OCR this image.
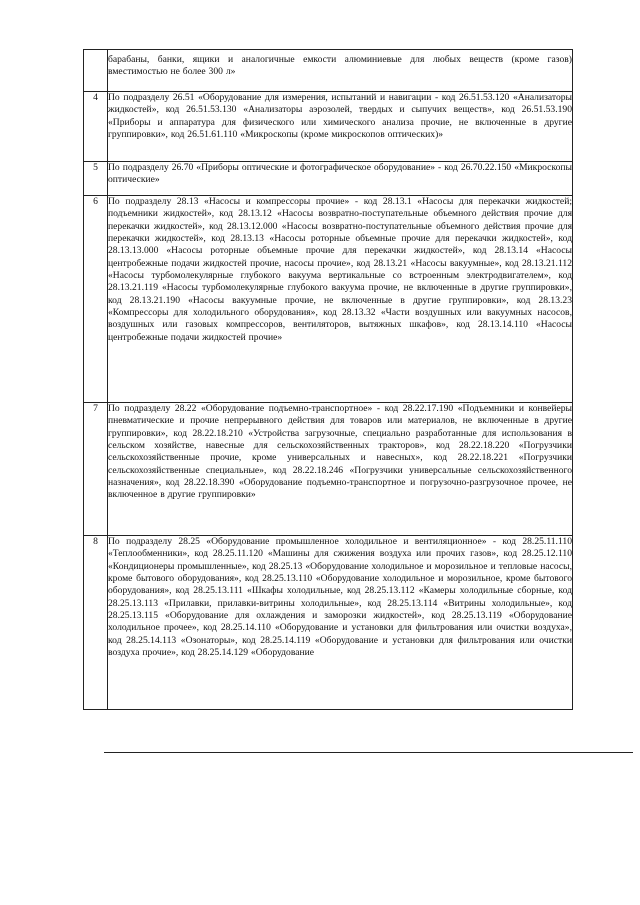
	барабаны, банки, ящики и аналогичные емкости алюминиевые для любых веществ (кроме газов) вместимостью не более 300 л»
4	По подразделу 26.51 «Оборудование для измерения, испытаний и навигации - код 26.51.53.120 «Анализаторы жидкостей», код 26.51.53.130 «Анализаторы аэрозолей, твердых и сыпучих веществ», код 26.51.53.190 «Приборы и аппаратура для физического или химического анализа прочие, не включенные в другие группировки», код 26.51.61.110 «Микроскопы (кроме микроскопов оптических)»
5	По подразделу 26.70 «Приборы оптические и фотографическое оборудование» - код 26.70.22.150 «Микроскопы оптические»
6	По подразделу 28.13 «Насосы и компрессоры прочие» - код 28.13.1 «Насосы для перекачки жидкостей; подъемники жидкостей», код 28.13.12 «Насосы возвратно-поступательные объемного действия прочие для перекачки жидкостей», код 28.13.12.000 «Насосы возвратно-поступательные объемного действия прочие для перекачки жидкостей», код 28.13.13 «Насосы роторные объемные прочие для перекачки жидкостей», код 28.13.13.000 «Насосы роторные объемные прочие для перекачки жидкостей», код 28.13.14 «Насосы центробежные подачи жидкостей прочие, насосы прочие», код 28.13.21 «Насосы вакуумные», код 28.13.21.112 «Насосы турбомолекулярные глубокого вакуума вертикальные со встроенным электродвигателем», код 28.13.21.119 «Насосы турбомолекулярные глубокого вакуума прочие, не включенные в другие группировки», код 28.13.21.190 «Насосы вакуумные прочие, не включенные в другие группировки», код 28.13.23 «Компрессоры для холодильного оборудования», код 28.13.32 «Части воздушных или вакуумных насосов, воздушных или газовых компрессоров, вентиляторов, вытяжных шкафов», код 28.13.14.110 «Насосы центробежные подачи жидкостей прочие»
7	По подразделу 28.22 «Оборудование подъемно-транспортное» - код 28.22.17.190 «Подъемники и конвейеры пневматические и прочие непрерывного действия для товаров или материалов, не включенные в другие группировки», код 28.22.18.210 «Устройства загрузочные, специально разработанные для использования в сельском хозяйстве, навесные для сельскохозяйственных тракторов», код 28.22.18.220 «Погрузчики сельскохозяйственные прочие, кроме универсальных и навесных», код 28.22.18.221 «Погрузчики сельскохозяйственные специальные», код 28.22.18.246 «Погрузчики универсальные сельскохозяйственного назначения», код 28.22.18.390 «Оборудование подъемно-транспортное и погрузочно-разгрузочное прочее, не включенное в другие группировки»
8	По подразделу 28.25 «Оборудование промышленное холодильное и вентиляционное» - код 28.25.11.110 «Теплообменники», код 28.25.11.120 «Машины для сжижения воздуха или прочих газов», код 28.25.12.110 «Кондиционеры промышленные», код 28.25.13 «Оборудование холодильное и морозильное и тепловые насосы, кроме бытового оборудования», код 28.25.13.110 «Оборудование холодильное и морозильное, кроме бытового оборудования», код 28.25.13.111 «Шкафы холодильные, код 28.25.13.112 «Камеры холодильные сборные, код 28.25.13.113 «Прилавки, прилавки-витрины холодильные», код 28.25.13.114 «Витрины холодильные», код 28.25.13.115 «Оборудование для охлаждения и заморозки жидкостей», код 28.25.13.119 «Оборудование холодильное прочее», код 28.25.14.110 «Оборудование и установки для фильтрования или очистки воздуха», код 28.25.14.113 «Озонаторы», код 28.25.14.119 «Оборудование и установки для фильтрования или очистки воздуха прочие», код 28.25.14.129 «Оборудование
